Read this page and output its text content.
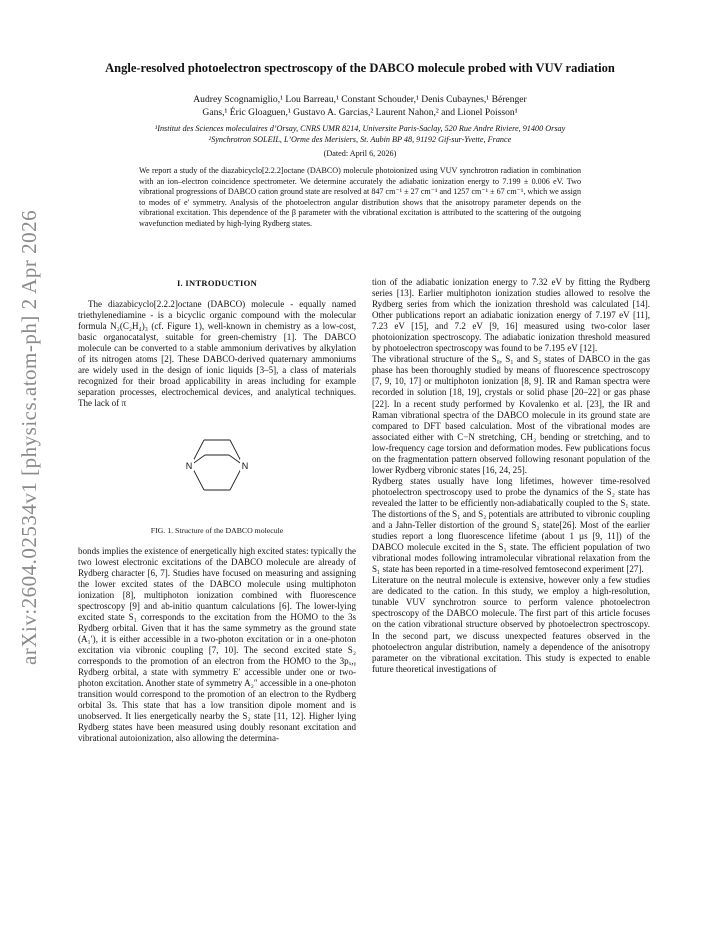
arXiv:2604.02534v1 [physics.atom-ph] 2 Apr 2026
Angle-resolved photoelectron spectroscopy of the DABCO molecule probed with VUV radiation
Audrey Scognamiglio,¹ Lou Barreau,¹ Constant Schouder,¹ Denis Cubaynes,¹ Bérenger
Gans,¹ Éric Gloaguen,¹ Gustavo A. Garcias,² Laurent Nahon,² and Lionel Poisson¹
¹Institut des Sciences moleculaires d’Orsay, CNRS UMR 8214, Universite Paris-Saclay, 520 Rue Andre Riviere, 91400 Orsay
²Synchrotron SOLEIL, L’Orme des Merisiers, St. Aubin BP 48, 91192 Gif-sur-Yvette, France
(Dated: April 6, 2026)
We report a study of the diazabicyclo[2.2.2]octane (DABCO) molecule photoionized using VUV synchrotron radiation in combination with an ion–electron coincidence spectrometer. We determine accurately the adiabatic ionization energy to 7.199 ± 0.006 eV. Two vibrational progressions of DABCO cation ground state are resolved at 847 cm⁻¹ ± 27 cm⁻¹ and 1257 cm⁻¹ ± 67 cm⁻¹, which we assign to modes of e′ symmetry. Analysis of the photoelectron angular distribution shows that the anisotropy parameter depends on the vibrational excitation. This dependence of the β parameter with the vibrational excitation is attributed to the scattering of the outgoing wavefunction mediated by high-lying Rydberg states.
I. INTRODUCTION

The diazabicyclo[2.2.2]octane (DABCO) molecule - equally named triethylenediamine - is a bicyclic organic compound with the molecular formula N₂(C₂H₄)₃ (cf. Figure 1), well-known in chemistry as a low-cost, basic organocatalyst, suitable for green-chemistry [1]. The DABCO molecule can be converted to a stable ammonium derivatives by alkylation of its nitrogen atoms [2]. These DABCO-derived quaternary ammoniums are widely used in the design of ionic liquids [3–5], a class of materials recognized for their broad applicability in areas including for example separation processes, electrochemical devices, and analytical techniques. The lack of π

N	N
FIG. 1. Structure of the DABCO molecule

bonds implies the existence of energetically high excited states: typically the two lowest electronic excitations of the DABCO molecule are already of Rydberg character [6, 7]. Studies have focused on measuring and assigning the lower excited states of the DABCO molecule using multiphoton ionization [8], multiphoton ionization combined with fluorescence spectroscopy [9] and ab-initio quantum calculations [6]. The lower-lying excited state S₁ corresponds to the excitation from the HOMO to the 3s Rydberg orbital. Given that it has the same symmetry as the ground state (A₁′), it is either accessible in a two-photon excitation or in a one-photon excitation via vibronic coupling [7, 10]. The second excited state S₂ corresponds to the promotion of an electron from the HOMO to the 3pₓ,ᵧ Rydberg orbital, a state with symmetry E′ accessible under one or two-photon excitation. Another state of symmetry A₂″ accessible in a one-photon transition would correspond to the promotion of an electron to the Rydberg orbital 3s. This state that has a low transition dipole moment and is unobserved. It lies energetically nearby the S₂ state [11, 12]. Higher lying Rydberg states have been measured using doubly resonant excitation and vibrational autoionization, also allowing the determina-

tion of the adiabatic ionization energy to 7.32 eV by fitting the Rydberg series [13]. Earlier multiphoton ionization studies allowed to resolve the Rydberg series from which the ionization threshold was calculated [14]. Other publications report an adiabatic ionization energy of 7.197 eV [11], 7.23 eV [15], and 7.2 eV [9, 16] measured using two-color laser photoionization spectroscopy. The adiabatic ionization threshold measured by photoelectron spectroscopy was found to be 7.195 eV [12].

The vibrational structure of the S₀, S₁ and S₂ states of DABCO in the gas phase has been thoroughly studied by means of fluorescence spectroscopy [7, 9, 10, 17] or multiphoton ionization [8, 9]. IR and Raman spectra were recorded in solution [18, 19], crystals or solid phase [20–22] or gas phase [22]. In a recent study performed by Kovalenko et al. [23], the IR and Raman vibrational spectra of the DABCO molecule in its ground state are compared to DFT based calculation. Most of the vibrational modes are associated either with C−N stretching, CH₂ bending or stretching, and to low-frequency cage torsion and deformation modes. Few publications focus on the fragmentation pattern observed following resonant population of the lower Rydberg vibronic states [16, 24, 25].

Rydberg states usually have long lifetimes, however time-resolved photoelectron spectroscopy used to probe the dynamics of the S₂ state has revealed the latter to be efficiently non-adiabatically coupled to the S₁ state. The distortions of the S₁ and S₂ potentials are attributed to vibronic coupling and a Jahn-Teller distortion of the ground S₂ state[26]. Most of the earlier studies report a long fluorescence lifetime (about 1 µs [9, 11]) of the DABCO molecule excited in the S₁ state. The efficient population of two vibrational modes following intramolecular vibrational relaxation from the S₁ state has been reported in a time-resolved femtosecond experiment [27].

Literature on the neutral molecule is extensive, however only a few studies are dedicated to the cation. In this study, we employ a high-resolution, tunable VUV synchrotron source to perform valence photoelectron spectroscopy of the DABCO molecule. The first part of this article focuses on the cation vibrational structure observed by photoelectron spectroscopy. In the second part, we discuss unexpected features observed in the photoelectron angular distribution, namely a dependence of the anisotropy parameter on the vibrational excitation. This study is expected to enable future theoretical investigations of
